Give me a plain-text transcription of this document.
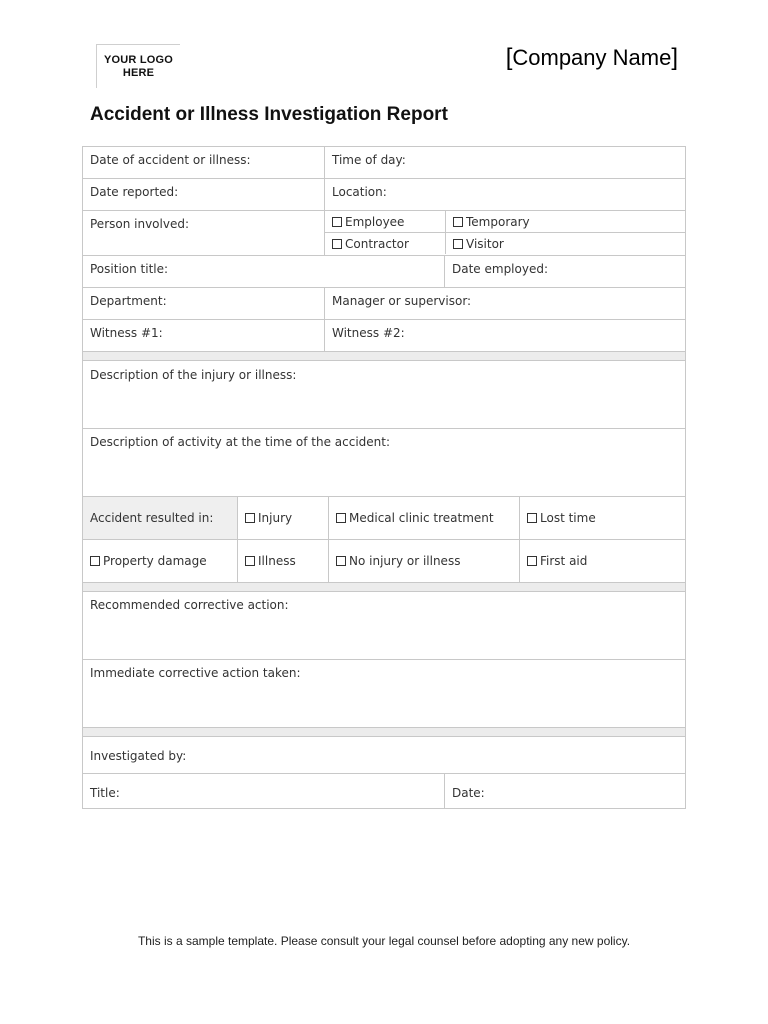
YOUR LOGO
HERE
[Company Name]
Accident or Illness Investigation Report
Date of accident or illness:	Time of day:
Date reported:	Location:
Person involved:	Employee	Temporary
Contractor	Visitor
Position title:	Date employed:
Department:	Manager or supervisor:
Witness #1:	Witness #2:
Description of the injury or illness:
Description of activity at the time of the accident:
Accident resulted in:	Injury	Medical clinic treatment	Lost time
Property damage	Illness	No injury or illness	First aid
Recommended corrective action:
Immediate corrective action taken:
Investigated by:
Title:	Date:
This is a sample template. Please consult your legal counsel before adopting any new policy.
